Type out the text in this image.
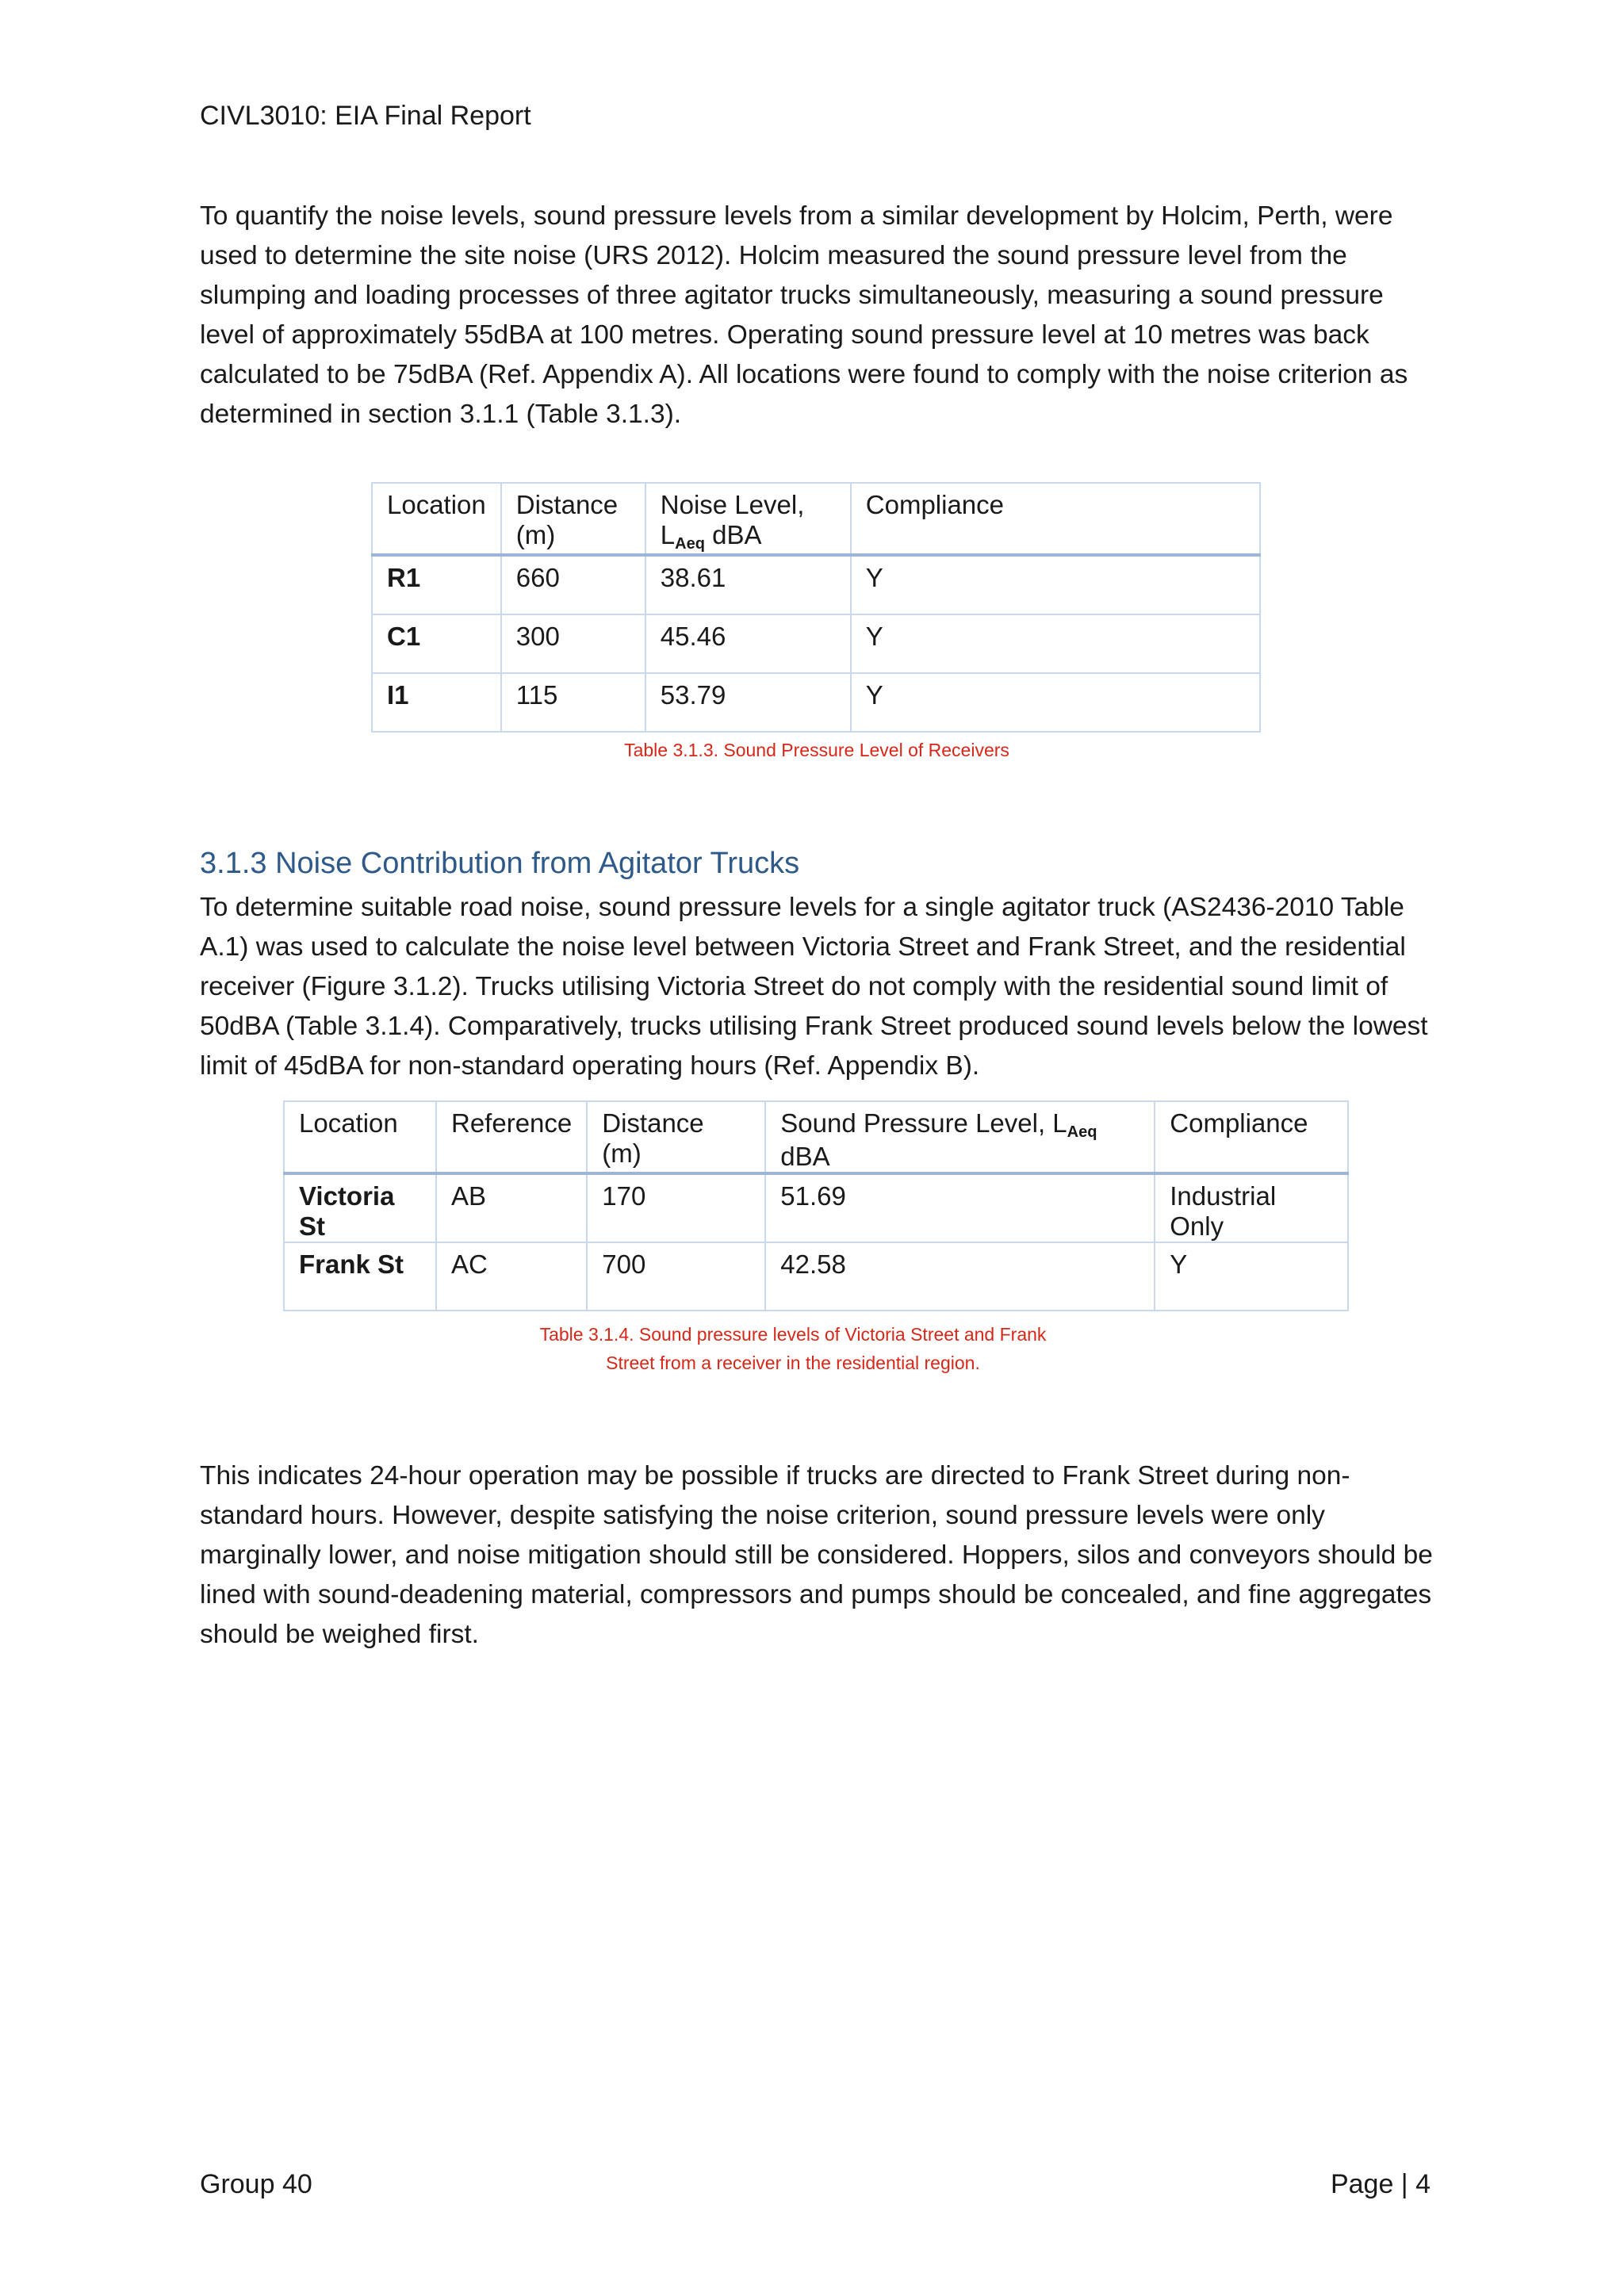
CIVL3010: EIA Final Report

To quantify the noise levels, sound pressure levels from a similar development by Holcim, Perth, were used to determine the site noise (URS 2012). Holcim measured the sound pressure level from the slumping and loading processes of three agitator trucks simultaneously, measuring a sound pressure level of approximately 55dBA at 100 metres. Operating sound pressure level at 10 metres was back calculated to be 75dBA (Ref. Appendix A). All locations were found to comply with the noise criterion as determined in section 3.1.1 (Table 3.1.3).

Location	Distance (m)	Noise Level, $L_{Aeq}$ dBA	Compliance
R1	660	38.61	Y
C1	300	45.46	Y
I1	115	53.79	Y
Table 3.1.3. Sound Pressure Level of Receivers
3.1.3 Noise Contribution from Agitator Trucks

To determine suitable road noise, sound pressure levels for a single agitator truck (AS2436-2010 Table A.1) was used to calculate the noise level between Victoria Street and Frank Street, and the residential receiver (Figure 3.1.2). Trucks utilising Victoria Street do not comply with the residential sound limit of 50dBA (Table 3.1.4). Comparatively, trucks utilising Frank Street produced sound levels below the lowest limit of 45dBA for non-standard operating hours (Ref. Appendix B).

Location	Reference	Distance (m)	Sound Pressure Level, $L_{Aeq}$ dBA	Compliance
Victoria St	AB	170	51.69	Industrial Only
Frank St	AC	700	42.58	Y
Table 3.1.4. Sound pressure levels of Victoria Street and Frank
Street from a receiver in the residential region.

This indicates 24-hour operation may be possible if trucks are directed to Frank Street during non-standard hours. However, despite satisfying the noise criterion, sound pressure levels were only marginally lower, and noise mitigation should still be considered. Hoppers, silos and conveyors should be lined with sound-deadening material, compressors and pumps should be concealed, and fine aggregates should be weighed first.

Group 40	Page | 4
